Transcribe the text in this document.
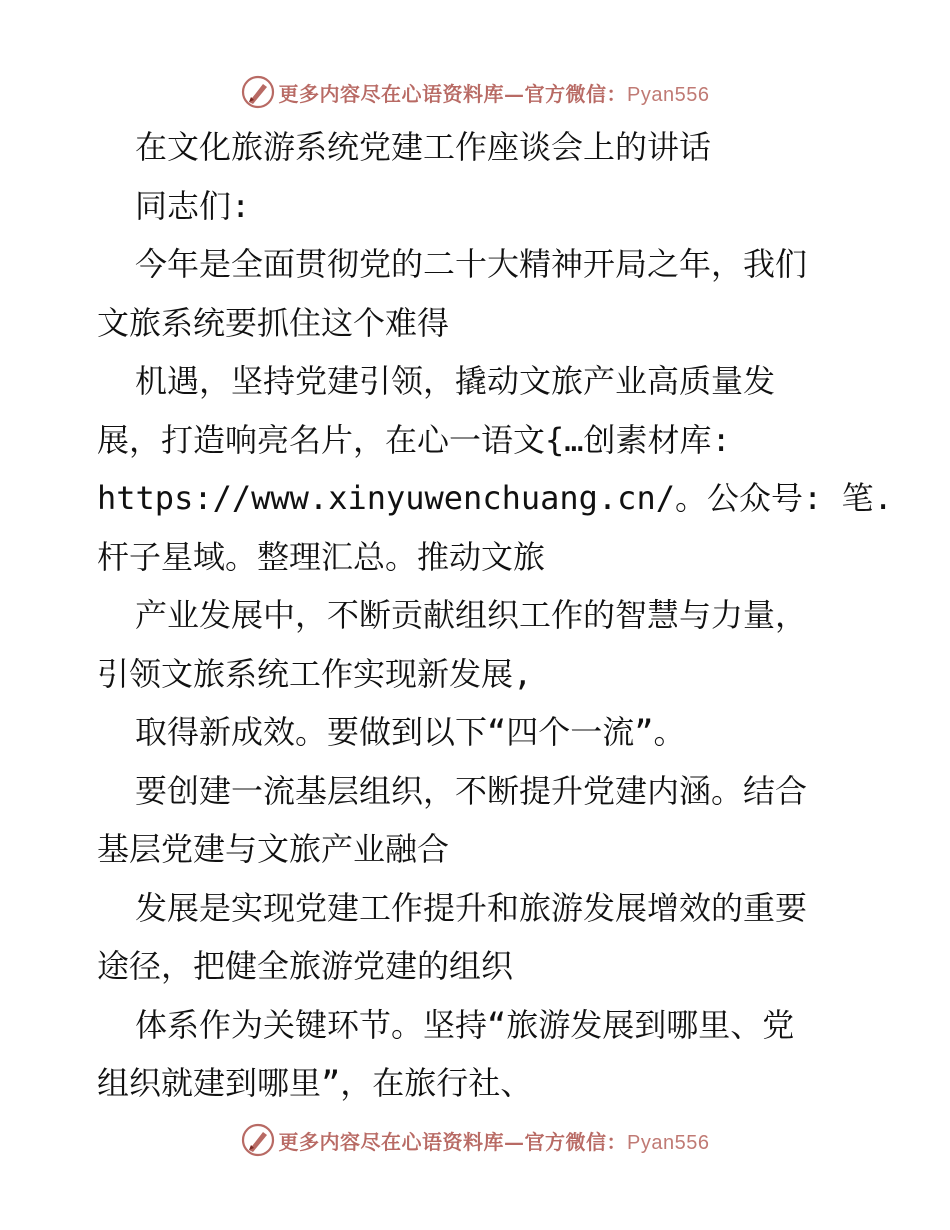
更多内容尽在心语资料库—官方微信：Pyan556
在文化旅游系统党建工作座谈会上的讲话
同志们:
今年是全面贯彻党的二十大精神开局之年，我们
文旅系统要抓住这个难得
机遇，坚持党建引领，撬动文旅产业高质量发
展，打造响亮名片，在心一语文{…创素材库:
https://www.xinyuwenchuang.cn/。公众号: 笔.
杆子星域。整理汇总。推动文旅
产业发展中，不断贡献组织工作的智慧与力量，
引领文旅系统工作实现新发展,
取得新成效。要做到以下“四个一流”。
要创建一流基层组织，不断提升党建内涵。结合
基层党建与文旅产业融合
发展是实现党建工作提升和旅游发展增效的重要
途径，把健全旅游党建的组织
体系作为关键环节。坚持“旅游发展到哪里、党
组织就建到哪里”，在旅行社、
更多内容尽在心语资料库—官方微信：Pyan556
